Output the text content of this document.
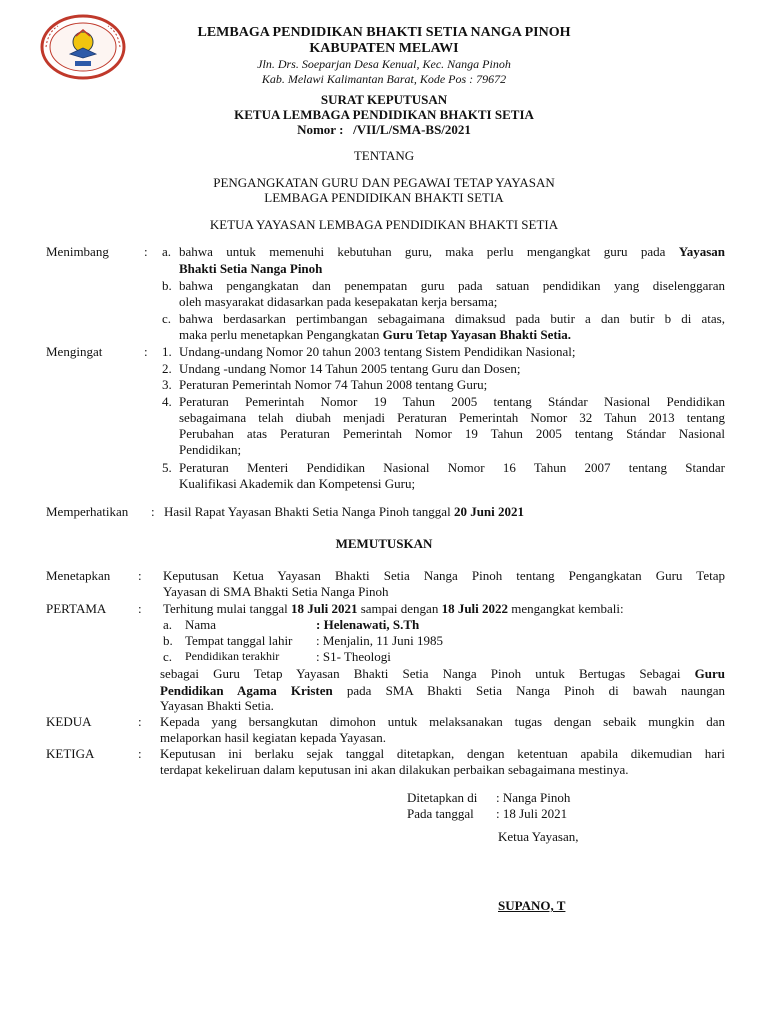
LEMBAGA PENDIDIKAN BHAKTI SETIA NANGA PINOH
KABUPATEN MELAWI
Jln. Drs. Soeparjan Desa Kenual, Kec. Nanga Pinoh
Kab. Melawi Kalimantan Barat, Kode Pos : 79672
SURAT KEPUTUSAN
KETUA LEMBAGA PENDIDIKAN BHAKTI SETIA
Nomor : /VII/L/SMA-BS/2021
TENTANG
PENGANGKATAN GURU DAN PEGAWAI TETAP YAYASAN
LEMBAGA PENDIDIKAN BHAKTI SETIA
KETUA YAYASAN LEMBAGA PENDIDIKAN BHAKTI SETIA
Menimbang	: a. bahwa untuk memenuhi kebutuhan guru, maka perlu mengangkat guru pada Yayasan
Bhakti Setia Nanga Pinoh
b. bahwa pengangkatan dan penempatan guru pada satuan pendidikan yang diselenggaran
oleh masyarakat didasarkan pada kesepakatan kerja bersama;
c. bahwa berdasarkan pertimbangan sebagaimana dimaksud pada butir a dan butir b di atas,
maka perlu menetapkan Pengangkatan Guru Tetap Yayasan Bhakti Setia.
Mengingat	: 1. Undang-undang Nomor 20 tahun 2003 tentang Sistem Pendidikan Nasional;
2. Undang -undang Nomor 14 Tahun 2005 tentang Guru dan Dosen;
3. Peraturan Pemerintah Nomor 74 Tahun 2008 tentang Guru;
4. Peraturan Pemerintah Nomor 19 Tahun 2005 tentang Stándar Nasional Pendidikan
sebagaimana telah diubah menjadi Peraturan Pemerintah Nomor 32 Tahun 2013 tentang
Perubahan atas Peraturan Pemerintah Nomor 19 Tahun 2005 tentang Stándar Nasional
Pendidikan;
5. Peraturan Menteri Pendidikan Nasional Nomor 16 Tahun 2007 tentang Standar
Kualifikasi Akademik dan Kompetensi Guru;
Memperhatikan : Hasil Rapat Yayasan Bhakti Setia Nanga Pinoh tanggal 20 Juni 2021
MEMUTUSKAN
Menetapkan : Keputusan Ketua Yayasan Bhakti Setia Nanga Pinoh tentang Pengangkatan Guru Tetap
Yayasan di SMA Bhakti Setia Nanga Pinoh
PERTAMA : Terhitung mulai tanggal 18 Juli 2021 sampai dengan 18 Juli 2022 mengangkat kembali:
a. Nama	: Helenawati, S.Th
b. Tempat tanggal lahir : Menjalin, 11 Juni 1985
c. Pendidikan terakhir	: S1- Theologi
sebagai Guru Tetap Yayasan Bhakti Setia Nanga Pinoh untuk Bertugas Sebagai Guru
Pendidikan Agama Kristen pada SMA Bhakti Setia Nanga Pinoh di bawah naungan
Yayasan Bhakti Setia.
KEDUA	: Kepada yang bersangkutan dimohon untuk melaksanakan tugas dengan sebaik mungkin dan
melaporkan hasil kegiatan kepada Yayasan.
KETIGA	: Keputusan ini berlaku sejak tanggal ditetapkan, dengan ketentuan apabila dikemudian hari
terdapat kekeliruan dalam keputusan ini akan dilakukan perbaikan sebagaimana mestinya.
Ditetapkan di : Nanga Pinoh
Pada tanggal : 18 Juli 2021
Ketua Yayasan,
SUPANO, T
